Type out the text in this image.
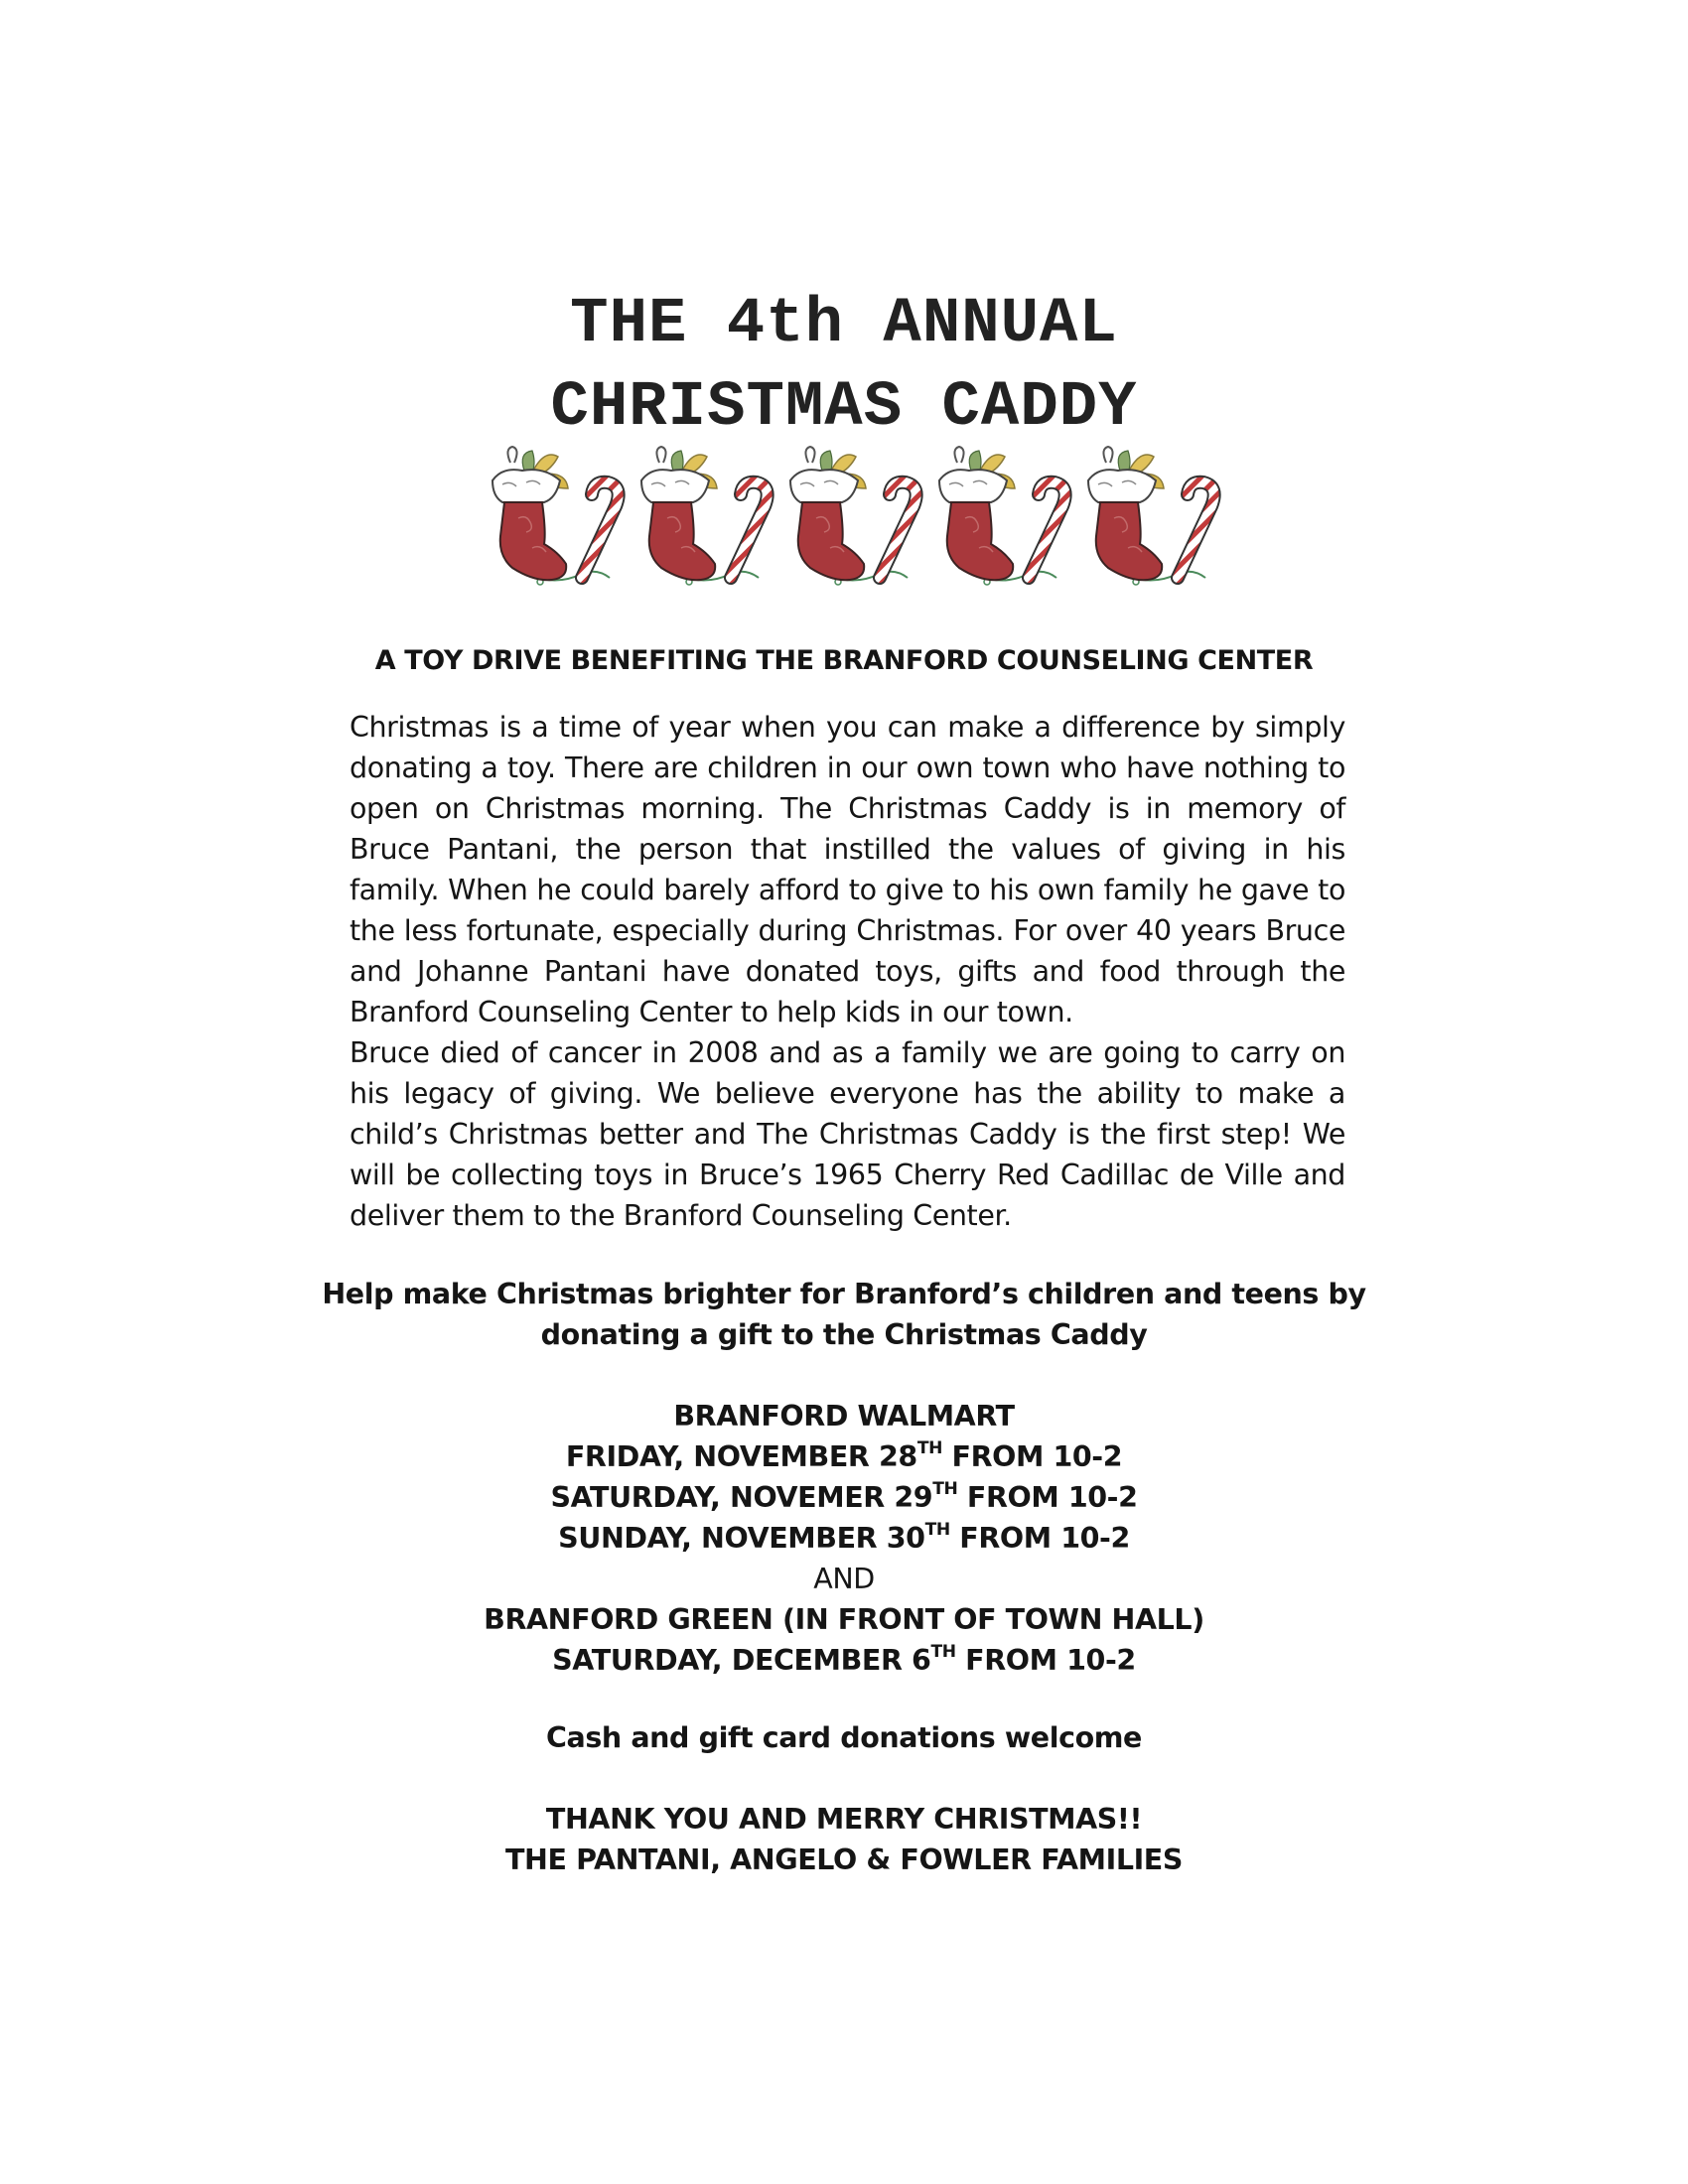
THE 4th ANNUAL
CHRISTMAS CADDY
A TOY DRIVE BENEFITING THE BRANFORD COUNSELING CENTER

Christmas is a time of year when you can make a difference by simply donating a toy. There are children in our own town who have nothing to open on Christmas morning. The Christmas Caddy is in memory of Bruce Pantani, the person that instilled the values of giving in his family. When he could barely afford to give to his own family he gave to the less fortunate, especially during Christmas. For over 40 years Bruce and Johanne Pantani have donated toys, gifts and food through the Branford Counseling Center to help kids in our town.

Bruce died of cancer in 2008 and as a family we are going to carry on his legacy of giving. We believe everyone has the ability to make a child’s Christmas better and The Christmas Caddy is the first step! We will be collecting toys in Bruce’s 1965 Cherry Red Cadillac de Ville and deliver them to the Branford Counseling Center.

Help make Christmas brighter for Branford’s children and teens by
donating a gift to the Christmas Caddy
BRANFORD WALMART
FRIDAY, NOVEMBER 28TH FROM 10-2
SATURDAY, NOVEMER 29TH FROM 10-2
SUNDAY, NOVEMBER 30TH FROM 10-2
AND
BRANFORD GREEN (IN FRONT OF TOWN HALL)
SATURDAY, DECEMBER 6TH FROM 10-2
Cash and gift card donations welcome
THANK YOU AND MERRY CHRISTMAS!!
THE PANTANI, ANGELO & FOWLER FAMILIES
